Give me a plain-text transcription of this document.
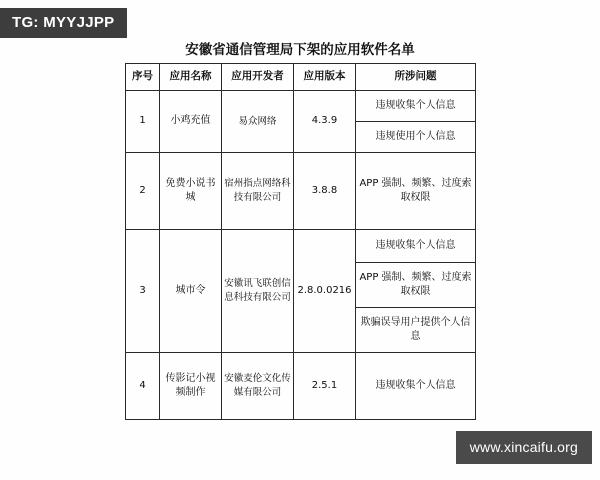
TG: MYYJJPP
安徽省通信管理局下架的应用软件名单
序号	应用名称	应用开发者	应用版本	所涉问题
1	小鸡充值	易众网络	4.3.9	违规收集个人信息
				违规使用个人信息
2	免费小说书城	宿州指点网络科技有限公司	3.8.8	APP 强制、频繁、过度索取权限
3	城市令	安徽讯飞联创信息科技有限公司	2.8.0.0216	违规收集个人信息
				APP 强制、频繁、过度索取权限
				欺骗误导用户提供个人信息
4	传影记小视频制作	安徽麦伦文化传媒有限公司	2.5.1	违规收集个人信息
www.xincaifu.org
